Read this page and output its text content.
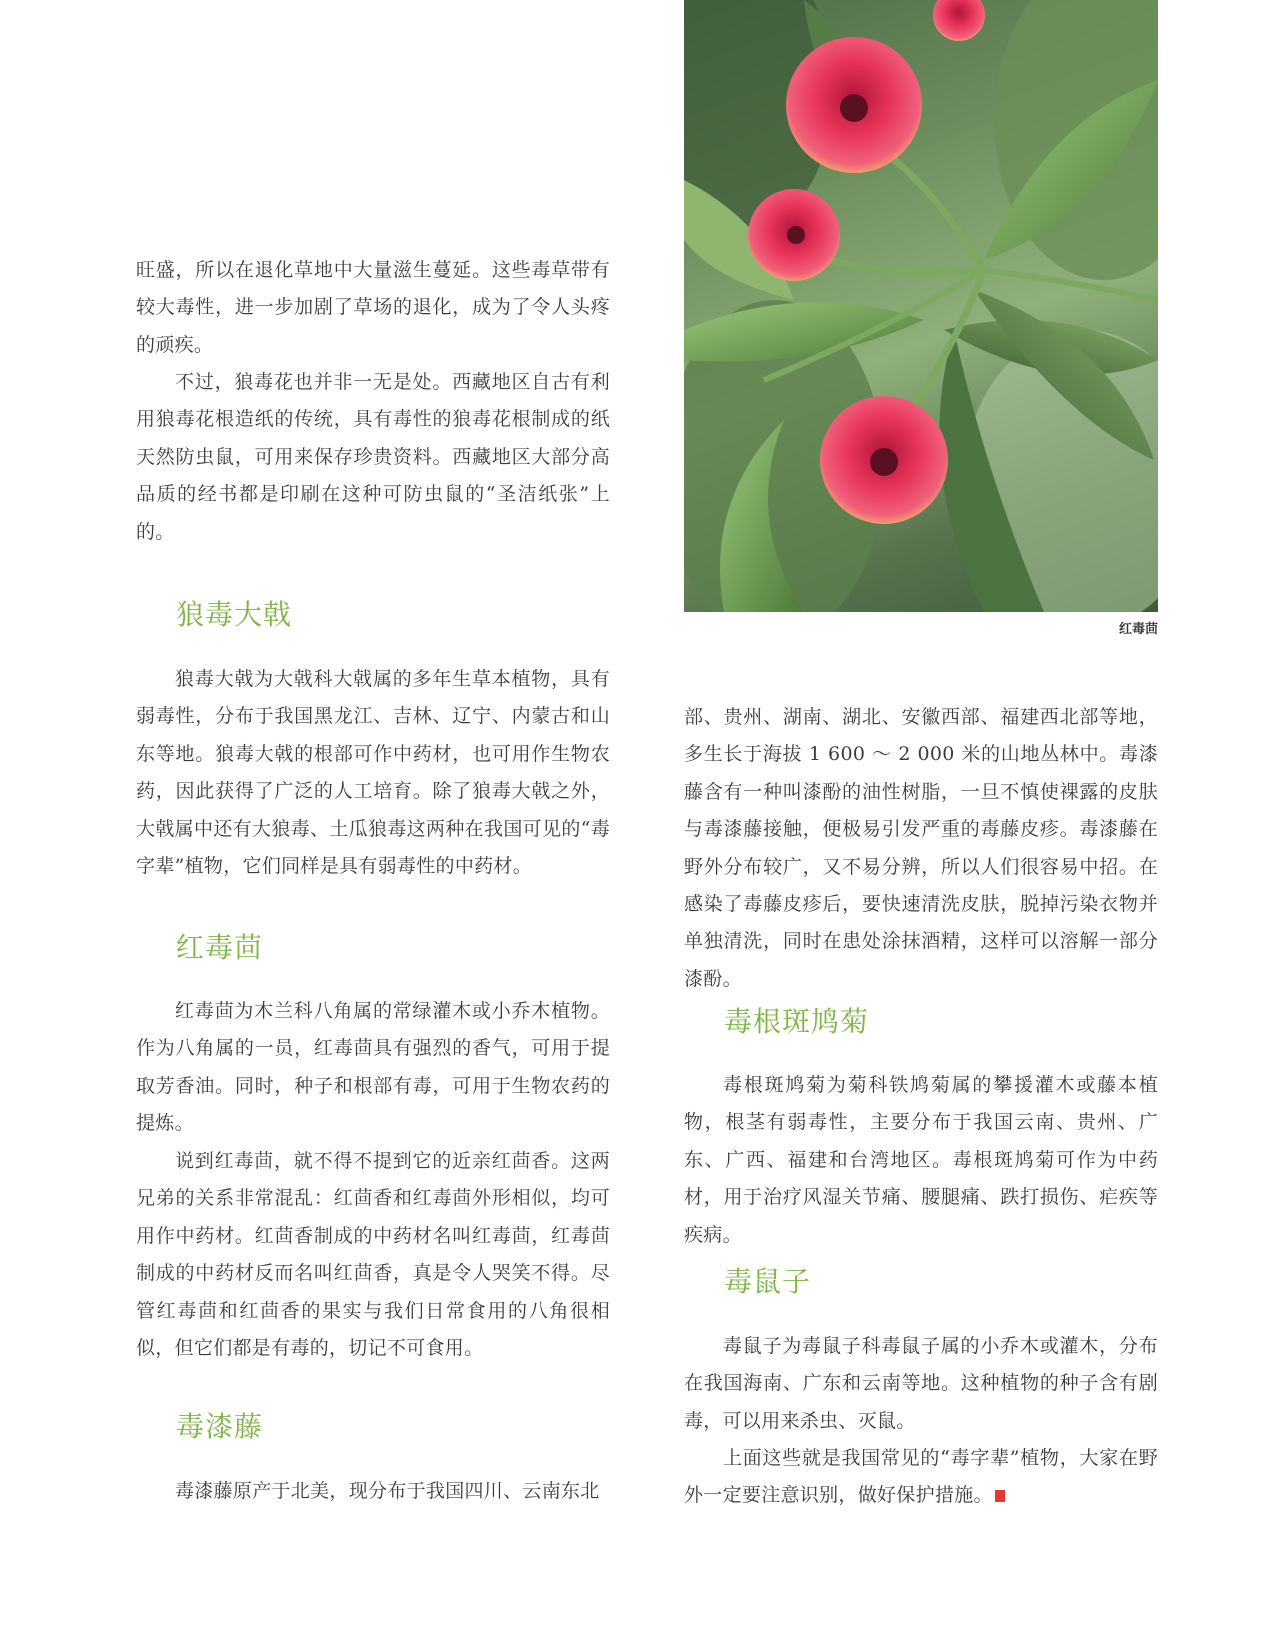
旺盛，所以在退化草地中大量滋生蔓延。这些毒草带有较大毒性，进一步加剧了草场的退化，成为了令人头疼的顽疾。

不过，狼毒花也并非一无是处。西藏地区自古有利用狼毒花根造纸的传统，具有毒性的狼毒花根制成的纸天然防虫鼠，可用来保存珍贵资料。西藏地区大部分高品质的经书都是印刷在这种可防虫鼠的“圣洁纸张”上的。

狼毒大戟

狼毒大戟为大戟科大戟属的多年生草本植物，具有弱毒性，分布于我国黑龙江、吉林、辽宁、内蒙古和山东等地。狼毒大戟的根部可作中药材，也可用作生物农药，因此获得了广泛的人工培育。除了狼毒大戟之外，大戟属中还有大狼毒、土瓜狼毒这两种在我国可见的“毒字辈”植物，它们同样是具有弱毒性的中药材。

红毒茴

红毒茴为木兰科八角属的常绿灌木或小乔木植物。作为八角属的一员，红毒茴具有强烈的香气，可用于提取芳香油。同时，种子和根部有毒，可用于生物农药的提炼。

说到红毒茴，就不得不提到它的近亲红茴香。这两兄弟的关系非常混乱：红茴香和红毒茴外形相似，均可用作中药材。红茴香制成的中药材名叫红毒茴，红毒茴制成的中药材反而名叫红茴香，真是令人哭笑不得。尽管红毒茴和红茴香的果实与我们日常食用的八角很相似，但它们都是有毒的，切记不可食用。

毒漆藤

毒漆藤原产于北美，现分布于我国四川、云南东北

红毒茴

部、贵州、湖南、湖北、安徽西部、福建西北部等地，多生长于海拔 1 600 ～ 2 000 米的山地丛林中。毒漆藤含有一种叫漆酚的油性树脂，一旦不慎使裸露的皮肤与毒漆藤接触，便极易引发严重的毒藤皮疹。毒漆藤在野外分布较广，又不易分辨，所以人们很容易中招。在感染了毒藤皮疹后，要快速清洗皮肤，脱掉污染衣物并单独清洗，同时在患处涂抹酒精，这样可以溶解一部分漆酚。

毒根斑鸠菊

毒根斑鸠菊为菊科铁鸠菊属的攀援灌木或藤本植物，根茎有弱毒性，主要分布于我国云南、贵州、广东、广西、福建和台湾地区。毒根斑鸠菊可作为中药材，用于治疗风湿关节痛、腰腿痛、跌打损伤、疟疾等疾病。

毒鼠子

毒鼠子为毒鼠子科毒鼠子属的小乔木或灌木，分布在我国海南、广东和云南等地。这种植物的种子含有剧毒，可以用来杀虫、灭鼠。

上面这些就是我国常见的“毒字辈”植物，大家在野外一定要注意识别，做好保护措施。	S
